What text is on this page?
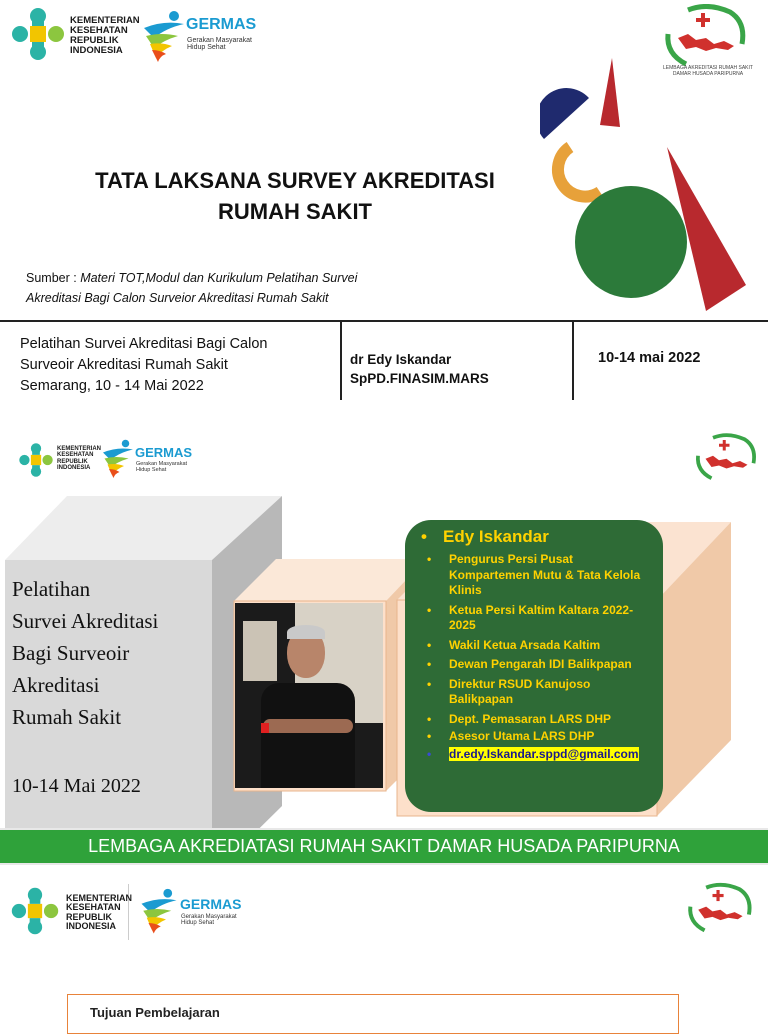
KEMENTERIAN
KESEHATAN
REPUBLIK
INDONESIA
GERMAS
Gerakan Masyarakat
Hidup Sehat
LEMBAGA AKREDITASI RUMAH SAKIT
DAMAR HUSADA PARIPURNA
TATA LAKSANA SURVEY AKREDITASI
RUMAH SAKIT
Sumber : Materi TOT,Modul dan Kurikulum Pelatihan Survei
Akreditasi Bagi Calon Surveior Akreditasi Rumah Sakit
Pelatihan Survei Akreditasi Bagi Calon
Surveoir Akreditasi Rumah Sakit
Semarang, 10 - 14 Mai 2022
dr Edy Iskandar
SpPD.FINASIM.MARS
10-14 mai 2022
KEMENTERIAN
KESEHATAN
REPUBLIK
INDONESIA
GERMAS
Gerakan Masyarakat
Hidup Sehat
Pelatihan
Survei Akreditasi
Bagi Surveoir
Akreditasi
Rumah Sakit
10-14 Mai 2022
• Edy Iskandar
• Pengurus Persi Pusat Kompartemen Mutu & Tata Kelola Klinis
• Ketua Persi Kaltim Kaltara 2022-2025
• Wakil Ketua Arsada Kaltim
• Dewan Pengarah IDI Balikpapan
• Direktur RSUD Kanujoso Balikpapan
• Dept. Pemasaran LARS DHP
• Asesor Utama LARS DHP
• dr.edy.Iskandar.sppd@gmail.com
LEMBAGA AKREDIATASI RUMAH SAKIT DAMAR HUSADA PARIPURNA
KEMENTERIAN
KESEHATAN
REPUBLIK
INDONESIA
GERMAS
Gerakan Masyarakat
Hidup Sehat
Tujuan Pembelajaran
